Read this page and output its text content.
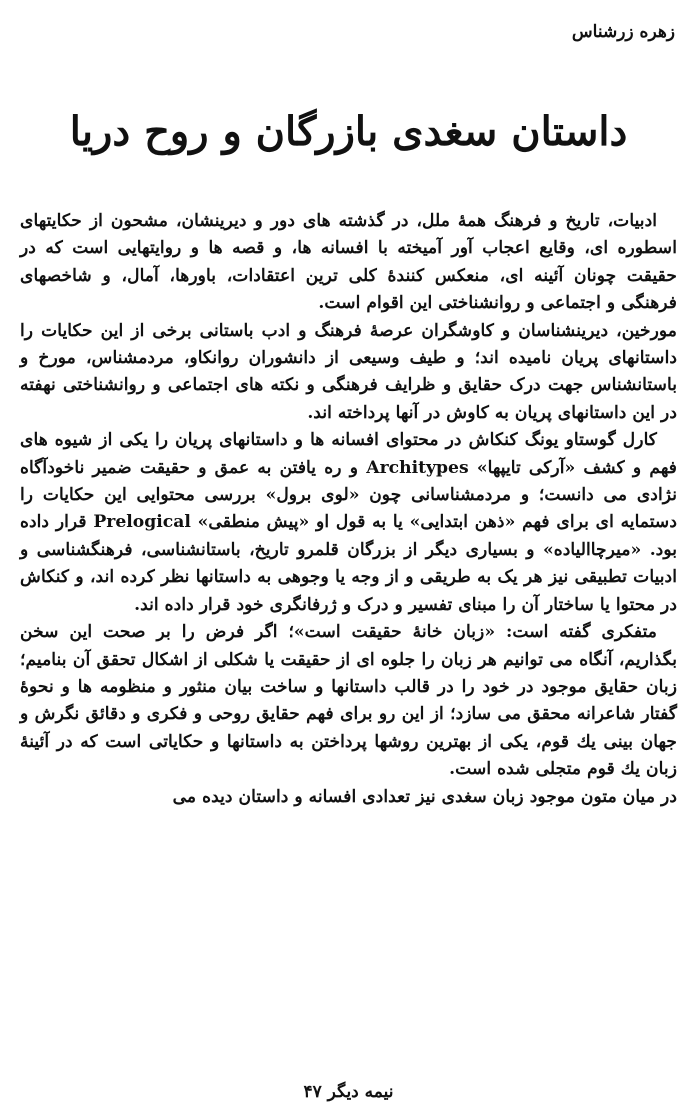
زهره زرشناس
داستان سغدی بازرگان و روح دریا

ادبیات، تاریخ و فرهنگ همهٔ ملل، در گذشته های دور و دیرینشان، مشحون از حکایتهای اسطوره ای، وقایع اعجاب آور آمیخته با افسانه ها، و قصه ها و روایتهایی است که در حقیقت چونان آئینه ای، منعکس کنندهٔ کلی ترین اعتقادات، باورها، آمال، و شاخصهای فرهنگی و اجتماعی و روانشناختی این اقوام است.

مورخین، دیرینشناسان و کاوشگران عرصهٔ فرهنگ و ادب باستانی برخی از این حکایات را داستانهای پریان نامیده اند؛ و طیف وسیعی از دانشوران روانکاو، مردمشناس، مورخ و باستانشناس جهت درک حقایق و ظرایف فرهنگی و نکته های اجتماعی و روانشناختی نهفته در این داستانهای پریان به کاوش در آنها پرداخته اند.

کارل گوستاو یونگ کنکاش در محتوای افسانه ها و داستانهای پریان را یکی از شیوه های فهم و کشف «آرکی تایپها» Architypes و ره یافتن به عمق و حقیقت ضمیر ناخودآگاه نژادی می دانست؛ و مردمشناسانی چون «لوی برول» بررسی محتوایی این حکایات را دستمایه ای برای فهم «ذهن ابتدایی» یا به قول او «پیش منطقی» Prelogical قرار داده بود. «میرچاالیاده» و بسیاری دیگر از بزرگان قلمرو تاریخ، باستانشناسی، فرهنگشناسی و ادبیات تطبیقی نیز هر یک به طریقی و از وجه یا وجوهی به داستانها نظر کرده اند، و کنکاش در محتوا یا ساختار آن را مبنای تفسیر و درک و ژرفانگری خود قرار داده اند.

متفکری گفته است: «زبان خانهٔ حقیقت است»؛ اگر فرض را بر صحت این سخن بگذاریم، آنگاه می توانیم هر زبان را جلوه ای از حقیقت یا شکلی از اشکال تحقق آن بنامیم؛ زبان حقایق موجود در خود را در قالب داستانها و ساخت بیان منثور و منظومه ها و نحوهٔ گفتار شاعرانه محقق می سازد؛ از این رو برای فهم حقایق روحی و فکری و دقائق نگرش و جهان بینی یك قوم، یکی از بهترین روشها پرداختن به داستانها و حکایاتی است که در آئینهٔ زبان یك قوم متجلی شده است.

در میان متون موجود زبان سغدی نیز تعدادی افسانه و داستان دیده می

نیمه دیگر ۴۷
